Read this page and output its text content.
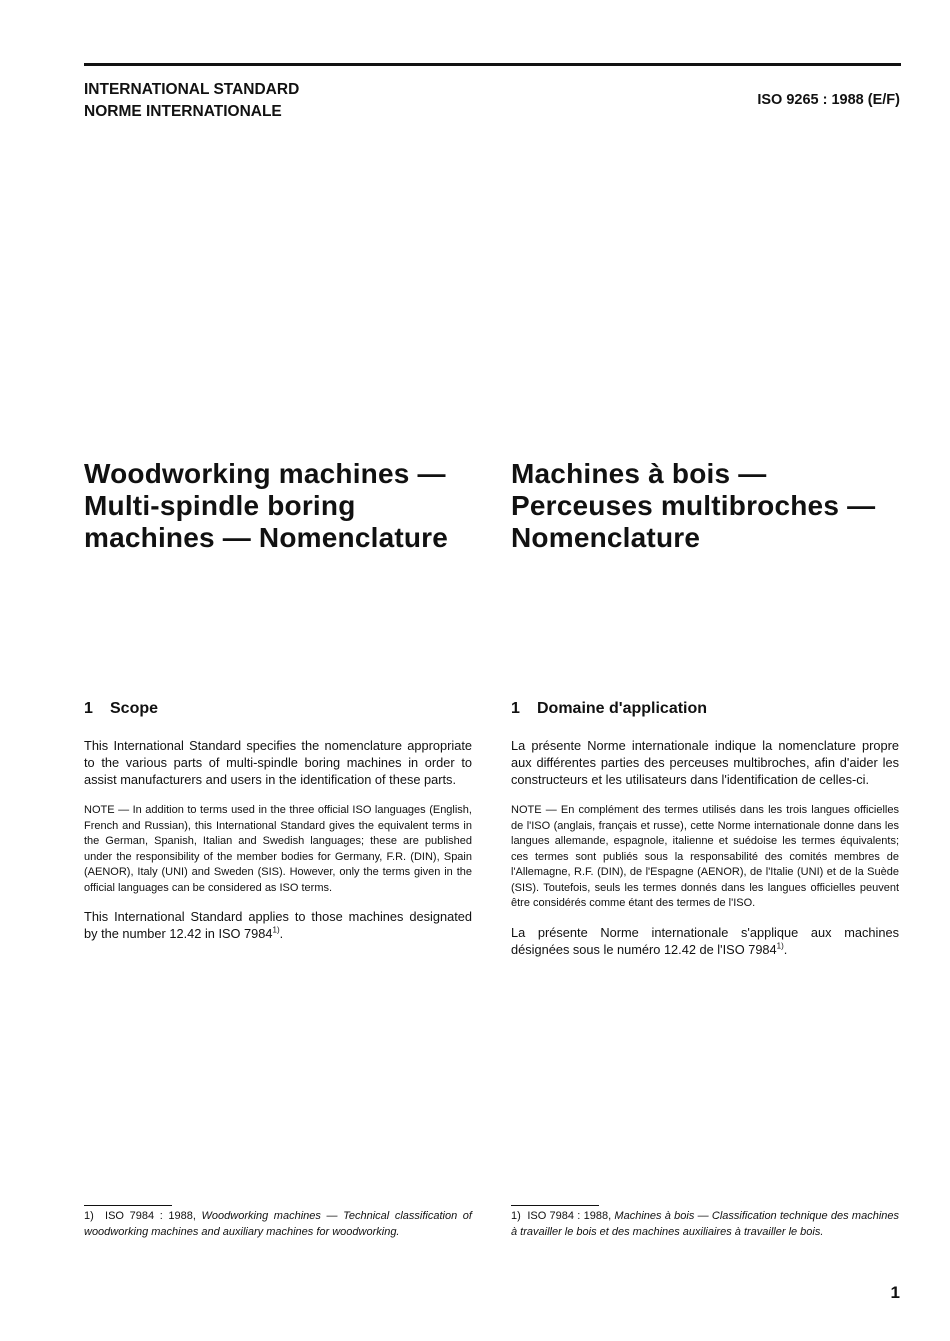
INTERNATIONAL STANDARD
NORME INTERNATIONALE
ISO 9265 : 1988 (E/F)
Woodworking machines — Multi-spindle boring machines — Nomenclature
Machines à bois — Perceuses multibroches — Nomenclature
1 Scope

This International Standard specifies the nomenclature appropriate to the various parts of multi-spindle boring machines in order to assist manufacturers and users in the identification of these parts.

NOTE — In addition to terms used in the three official ISO languages (English, French and Russian), this International Standard gives the equivalent terms in the German, Spanish, Italian and Swedish languages; these are published under the responsibility of the member bodies for Germany, F.R. (DIN), Spain (AENOR), Italy (UNI) and Sweden (SIS). However, only the terms given in the official languages can be considered as ISO terms.

This International Standard applies to those machines designated by the number 12.42 in ISO 7984$^{1)}$.

1 Domaine d'application

La présente Norme internationale indique la nomenclature propre aux différentes parties des perceuses multibroches, afin d'aider les constructeurs et les utilisateurs dans l'identification de celles-ci.

NOTE — En complément des termes utilisés dans les trois langues officielles de l'ISO (anglais, français et russe), cette Norme internationale donne dans les langues allemande, espagnole, italienne et suédoise les termes équivalents; ces termes sont publiés sous la responsabilité des comités membres de l'Allemagne, R.F. (DIN), de l'Espagne (AENOR), de l'Italie (UNI) et de la Suède (SIS). Toutefois, seuls les termes donnés dans les langues officielles peuvent être considérés comme étant des termes de l'ISO.

La présente Norme internationale s'applique aux machines désignées sous le numéro 12.42 de l'ISO 7984$^{1)}$.

1) ISO 7984 : 1988, Woodworking machines — Technical classification of woodworking machines and auxiliary machines for woodworking.
1) ISO 7984 : 1988, Machines à bois — Classification technique des machines à travailler le bois et des machines auxiliaires à travailler le bois.
1
